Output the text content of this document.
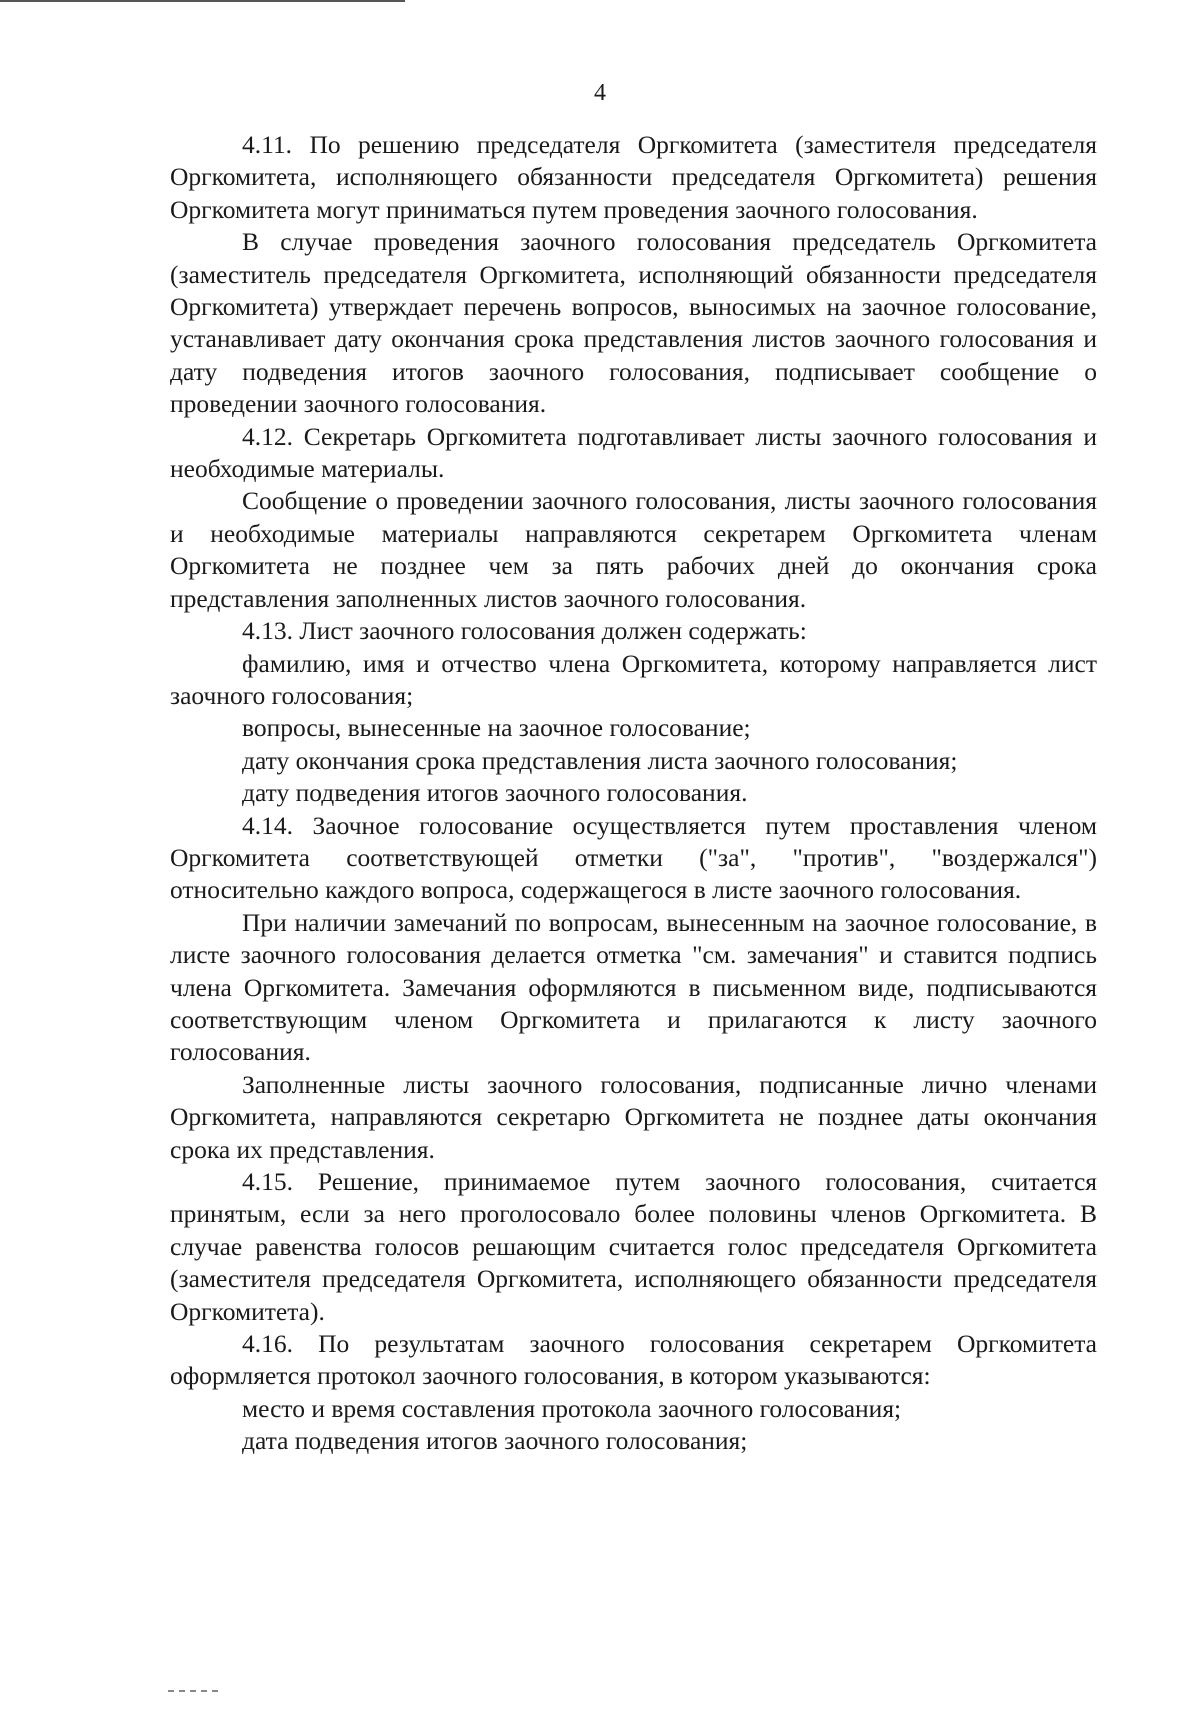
4

4.11. По решению председателя Оргкомитета (заместителя председателя Оргкомитета, исполняющего обязанности председателя Оргкомитета) решения Оргкомитета могут приниматься путем проведения заочного голосования.

В случае проведения заочного голосования председатель Оргкомитета (заместитель председателя Оргкомитета, исполняющий обязанности председателя Оргкомитета) утверждает перечень вопросов, выносимых на заочное голосование, устанавливает дату окончания срока представления листов заочного голосования и дату подведения итогов заочного голосования, подписывает сообщение о проведении заочного голосования.

4.12. Секретарь Оргкомитета подготавливает листы заочного голосования и необходимые материалы.

Сообщение о проведении заочного голосования, листы заочного голосования и необходимые материалы направляются секретарем Оргкомитета членам Оргкомитета не позднее чем за пять рабочих дней до окончания срока представления заполненных листов заочного голосования.

4.13. Лист заочного голосования должен содержать:

фамилию, имя и отчество члена Оргкомитета, которому направляется лист заочного голосования;

вопросы, вынесенные на заочное голосование;

дату окончания срока представления листа заочного голосования;

дату подведения итогов заочного голосования.

4.14. Заочное голосование осуществляется путем проставления членом Оргкомитета соответствующей отметки ("за", "против", "воздержался") относительно каждого вопроса, содержащегося в листе заочного голосования.

При наличии замечаний по вопросам, вынесенным на заочное голосование, в листе заочного голосования делается отметка "см. замечания" и ставится подпись члена Оргкомитета. Замечания оформляются в письменном виде, подписываются соответствующим членом Оргкомитета и прилагаются к листу заочного голосования.

Заполненные листы заочного голосования, подписанные лично членами Оргкомитета, направляются секретарю Оргкомитета не позднее даты окончания срока их представления.

4.15. Решение, принимаемое путем заочного голосования, считается принятым, если за него проголосовало более половины членов Оргкомитета. В случае равенства голосов решающим считается голос председателя Оргкомитета (заместителя председателя Оргкомитета, исполняющего обязанности председателя Оргкомитета).

4.16. По результатам заочного голосования секретарем Оргкомитета оформляется протокол заочного голосования, в котором указываются:

место и время составления протокола заочного голосования;

дата подведения итогов заочного голосования;
